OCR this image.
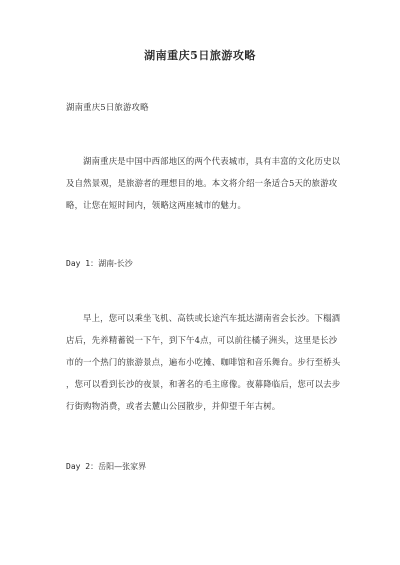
湖南重庆5日旅游攻略
湖南重庆5日旅游攻略
湖南重庆是中国中西部地区的两个代表城市，具有丰富的文化历史以
及自然景观，是旅游者的理想目的地。本文将介绍一条适合5天的旅游攻
略，让您在短时间内，领略这两座城市的魅力。
Day 1：湖南-长沙
早上，您可以乘坐飞机、高铁或长途汽车抵达湖南省会长沙。下榻酒
店后，先养精蓄锐一下午，到下午4点，可以前往橘子洲头，这里是长沙
市的一个热门的旅游景点，遍布小吃摊、咖啡馆和音乐舞台。步行至桥头
，您可以看到长沙的夜景，和著名的毛主席像。夜幕降临后，您可以去步
行街购物消费，或者去麓山公园散步，并仰望千年古树。
Day 2：岳阳—张家界
